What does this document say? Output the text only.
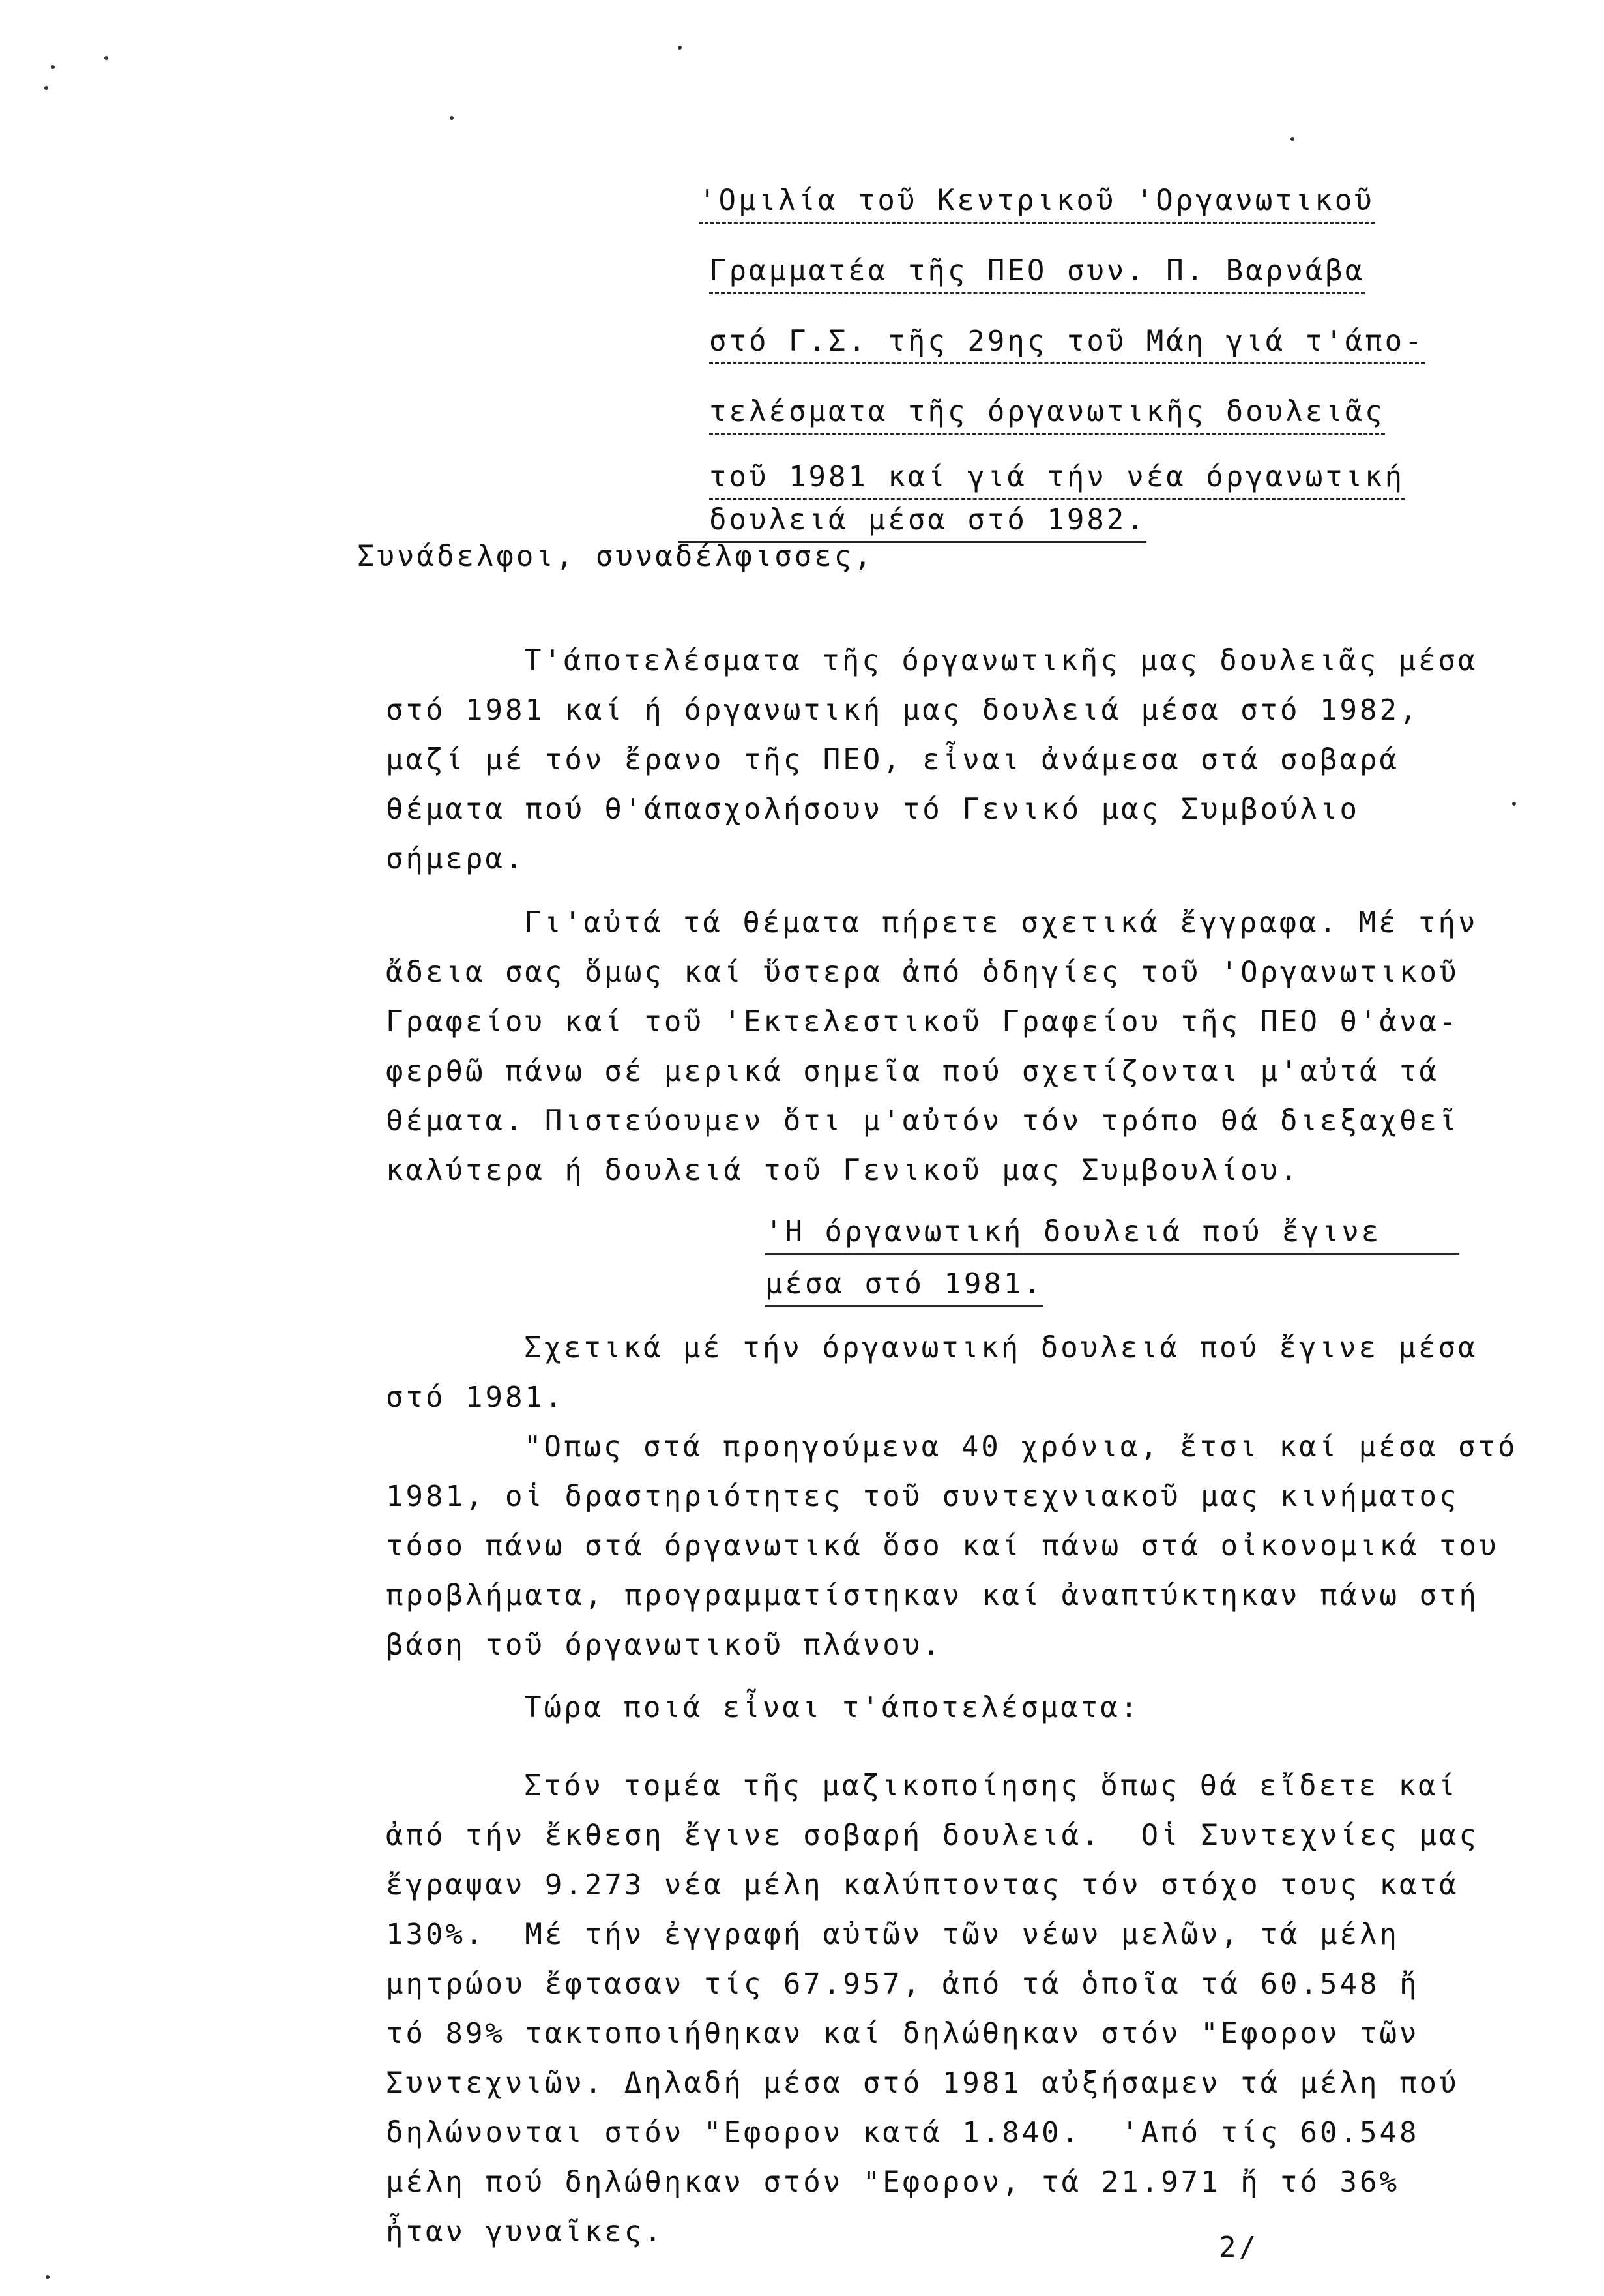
'Ομιλία τοῦ Κεντρικοῦ 'Οργανωτικοῦ
Γραμματέα τῆς ΠΕΟ συν. Π. Βαρνάβα
στό Γ.Σ. τῆς 29ης τοῦ Μάη γιά τ'άπο-
τελέσματα τῆς όργανωτικῆς δουλειᾶς
τοῦ 1981 καί γιά τήν νέα όργανωτική
δουλειά μέσα στό 1982.
Συνάδελφοι, συναδέλφισσες,
Τ'άποτελέσματα τῆς όργανωτικῆς μας δουλειᾶς μέσα
στό 1981 καί ή όργανωτική μας δουλειά μέσα στό 1982,
μαζί μέ τόν ἔρανο τῆς ΠΕΟ, εἶναι ἀνάμεσα στά σοβαρά
θέματα πού θ'άπασχολήσουν τό Γενικό μας Συμβούλιο
σήμερα.
Γι'αὐτά τά θέματα πήρετε σχετικά ἔγγραφα. Μέ τήν
ἄδεια σας ὅμως καί ὕστερα ἀπό ὁδηγίες τοῦ 'Οργανωτικοῦ
Γραφείου καί τοῦ 'Εκτελεστικοῦ Γραφείου τῆς ΠΕΟ θ'ἀνα-
φερθῶ πάνω σέ μερικά σημεῖα πού σχετίζονται μ'αὐτά τά
θέματα. Πιστεύουμεν ὅτι μ'αὐτόν τόν τρόπο θά διεξαχθεῖ
καλύτερα ή δουλειά τοῦ Γενικοῦ μας Συμβουλίου.
'Η όργανωτική δουλειά πού ἔγινε
μέσα στό 1981.
Σχετικά μέ τήν όργανωτική δουλειά πού ἔγινε μέσα
στό 1981.
"Οπως στά προηγούμενα 40 χρόνια, ἔτσι καί μέσα στό
1981, οἱ δραστηριότητες τοῦ συντεχνιακοῦ μας κινήματος
τόσο πάνω στά όργανωτικά ὅσο καί πάνω στά οἰκονομικά του
προβλήματα, προγραμματίστηκαν καί ἀναπτύκτηκαν πάνω στή
βάση τοῦ όργανωτικοῦ πλάνου.
Τώρα ποιά εἶναι τ'άποτελέσματα:
Στόν τομέα τῆς μαζικοποίησης ὅπως θά εἴδετε καί
ἀπό τήν ἔκθεση ἔγινε σοβαρή δουλειά.  Οἱ Συντεχνίες μας
ἔγραψαν 9.273 νέα μέλη καλύπτοντας τόν στόχο τους κατά
130%.  Μέ τήν ἐγγραφή αὐτῶν τῶν νέων μελῶν, τά μέλη
μητρώου ἔφτασαν τίς 67.957, ἀπό τά ὁποῖα τά 60.548 ἤ
τό 89% τακτοποιήθηκαν καί δηλώθηκαν στόν "Εφορον τῶν
Συντεχνιῶν. Δηλαδή μέσα στό 1981 αὐξήσαμεν τά μέλη πού
δηλώνονται στόν "Εφορον κατά 1.840.  'Από τίς 60.548
μέλη πού δηλώθηκαν στόν "Εφορον, τά 21.971 ἤ τό 36%
ἦταν γυναῖκες.	2/
